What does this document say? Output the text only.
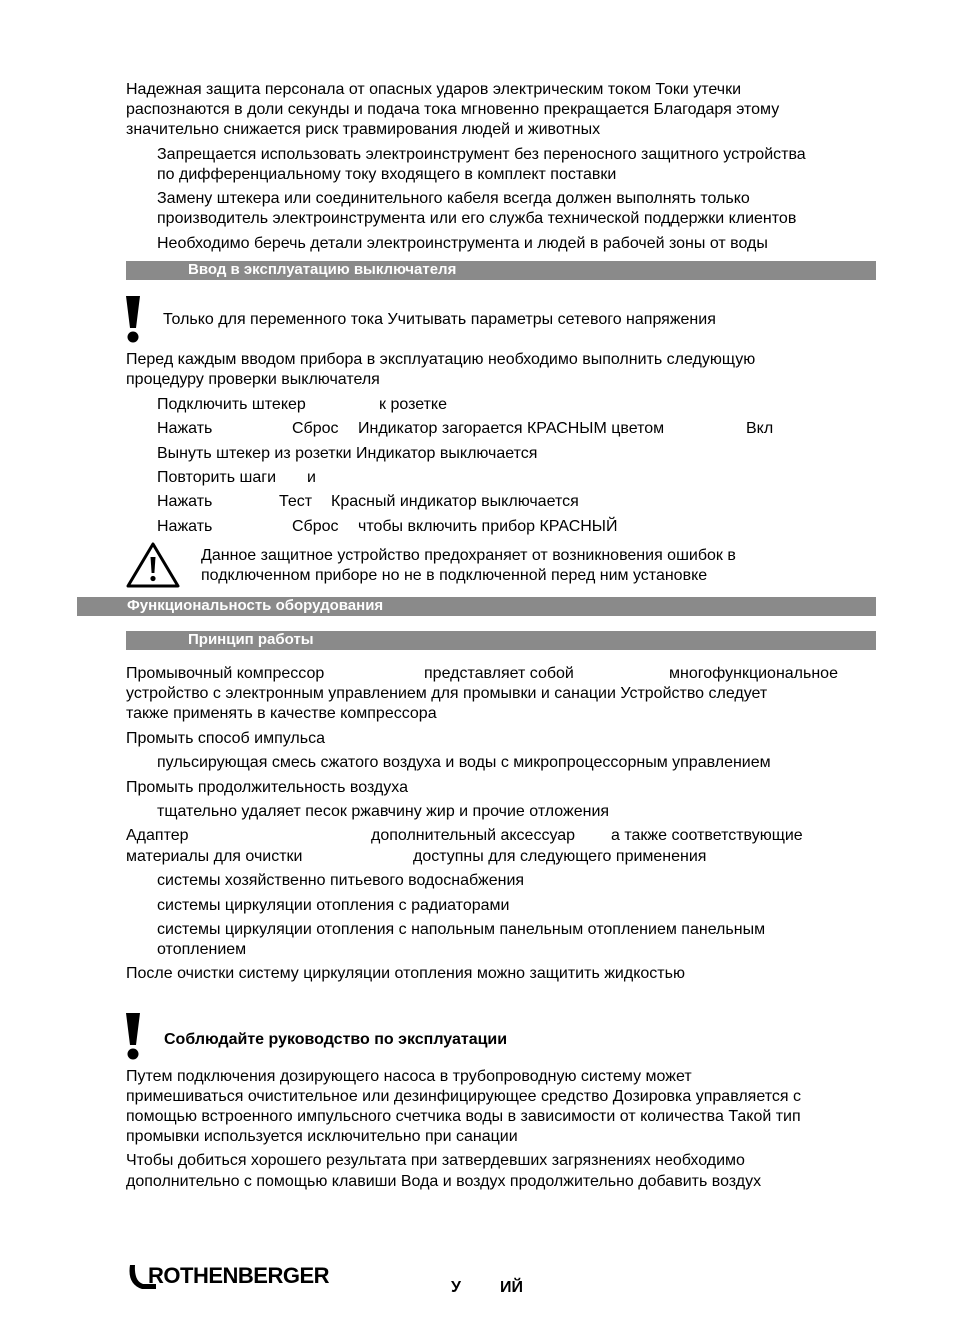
Надежная защита персонала от опасных ударов электрическим током Токи утечки

распознаются в доли секунды и подача тока мгновенно прекращается Благодаря этому

значительно снижается риск травмирования людей и животных

Запрещается использовать электроинструмент без переносного защитного устройства

по дифференциальному току входящего в комплект поставки

Замену штекера или соединительного кабеля всегда должен выполнять только

производитель электроинструмента или его служба технической поддержки клиентов

Необходимо беречь детали электроинструмента и людей в рабочей зоны от воды

Ввод в эксплуатацию выключателя

Только для переменного тока Учитывать параметры сетевого напряжения

Перед каждым вводом прибора в эксплуатацию необходимо выполнить следующую

процедуру проверки выключателя

Подключить штекер	к розетке

Нажать	Сброс Индикатор загорается КРАСНЫМ цветом	Вкл

Вынуть штекер из розетки Индикатор выключается

Повторить шаги и

Нажать	Тест Красный индикатор выключается

Нажать	Сброс чтобы включить прибор КРАСНЫЙ

Данное защитное устройство предохраняет от возникновения ошибок в

подключенном приборе но не в подключенной перед ним установке

Функциональность оборудования
Принцип работы

Промывочный компрессор	представляет собой	многофункциональное

устройство с электронным управлением для промывки и санации Устройство следует

также применять в качестве компрессора

Промыть способ импульса

пульсирующая смесь сжатого воздуха и воды с микропроцессорным управлением

Промыть продолжительность воздуха

тщательно удаляет песок ржавчину жир и прочие отложения

Адаптер	дополнительный аксессуар а также соответствующие

материалы для очистки	доступны для следующего применения

системы хозяйственно питьевого водоснабжения

системы циркуляции отопления с радиаторами

системы циркуляции отопления с напольным панельным отоплением панельным

отоплением

После очистки систему циркуляции отопления можно защитить жидкостью

Соблюдайте руководство по эксплуатации

Путем подключения дозирующего насоса в трубопроводную систему может

примешиваться очистительное или дезинфицирующее средство Дозировка управляется с

помощью встроенного импульсного счетчика воды в зависимости от количества Такой тип

промывки используется исключительно при санации

Чтобы добиться хорошего результата при затвердевших загрязнениях необходимо

дополнительно с помощью клавиши Вода и воздух продолжительно добавить воздух

ROTHENBERGER	У ИЙ
